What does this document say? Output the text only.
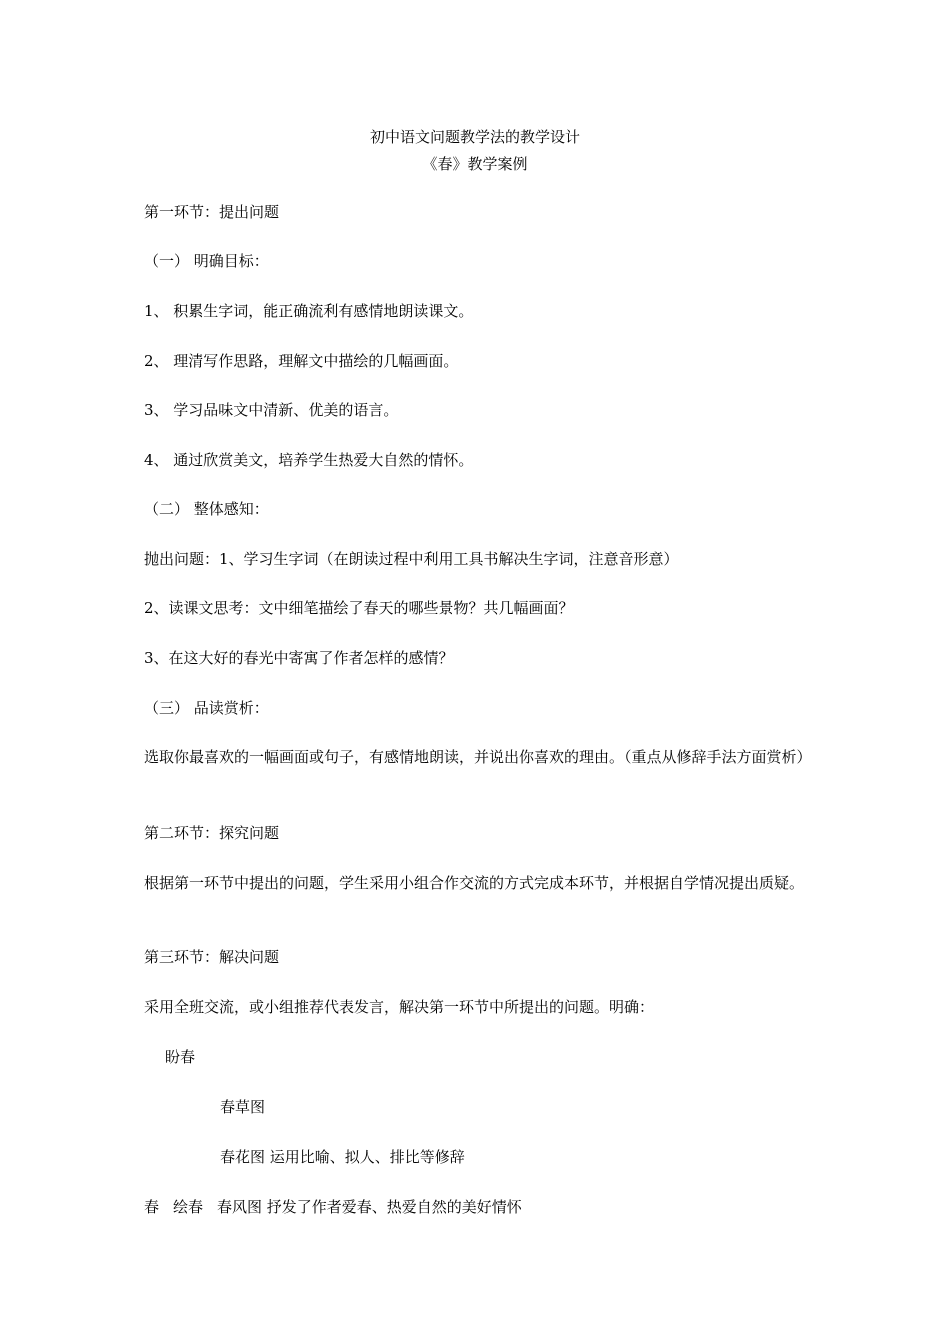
初中语文问题教学法的教学设计
《春》教学案例
第一环节：提出问题
（一） 明确目标：
1、 积累生字词，能正确流利有感情地朗读课文。
2、 理清写作思路，理解文中描绘的几幅画面。
3、 学习品味文中清新、优美的语言。
4、 通过欣赏美文，培养学生热爱大自然的情怀。
（二） 整体感知：
抛出问题：1、学习生字词（在朗读过程中利用工具书解决生字词，注意音形意）
2、读课文思考：文中细笔描绘了春天的哪些景物？共几幅画面？
3、在这大好的春光中寄寓了作者怎样的感情？
（三） 品读赏析：
选取你最喜欢的一幅画面或句子，有感情地朗读，并说出你喜欢的理由。（重点从修辞手法方面赏析）
第二环节：探究问题
根据第一环节中提出的问题，学生采用小组合作交流的方式完成本环节，并根据自学情况提出质疑。
第三环节：解决问题
采用全班交流，或小组推荐代表发言，解决第一环节中所提出的问题。明确：
盼春
春草图
春花图 运用比喻、拟人、排比等修辞
春 绘春 春风图 抒发了作者爱春、热爱自然的美好情怀
